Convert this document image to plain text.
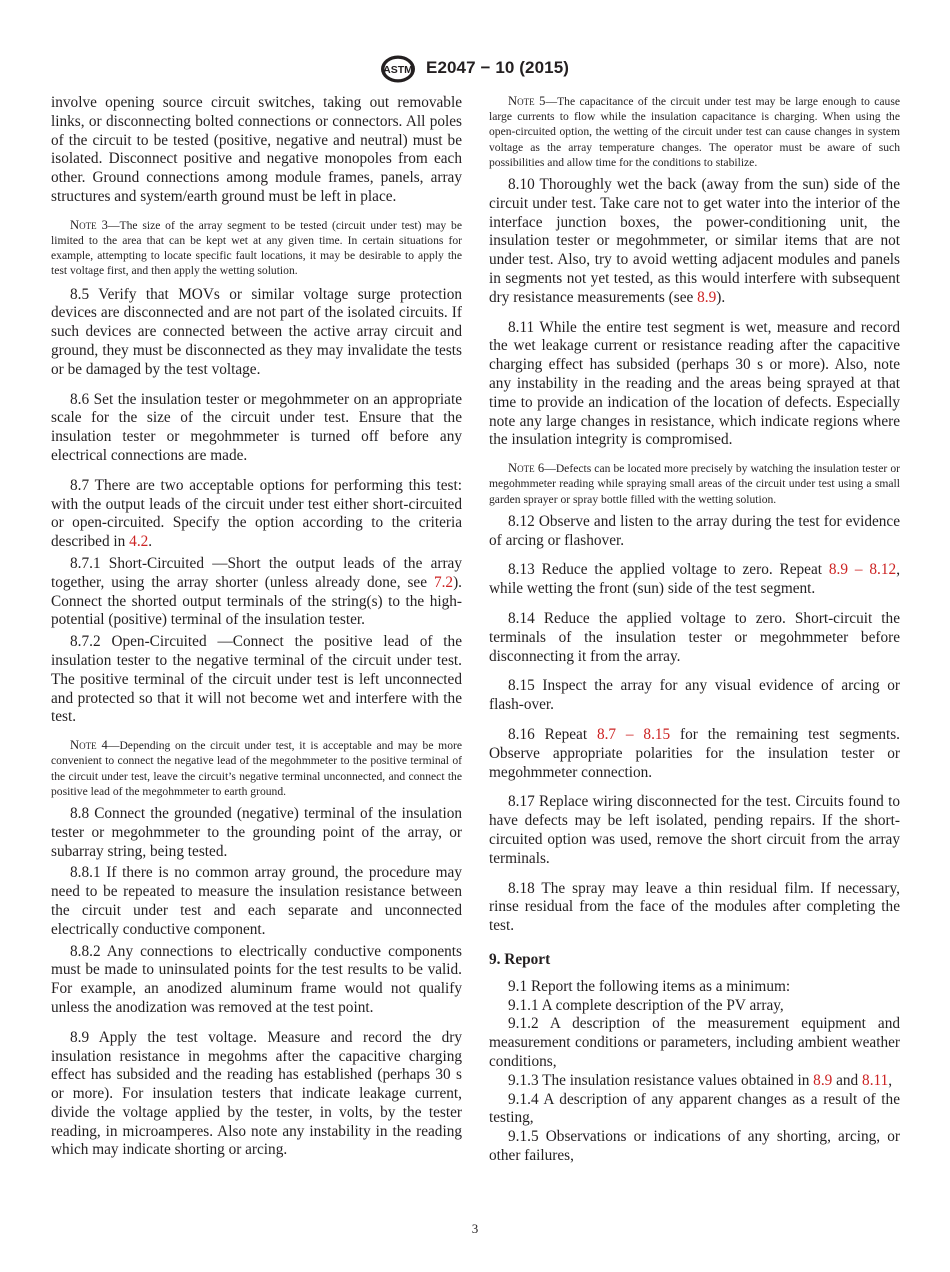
ASTM E2047 − 10 (2015)

involve opening source circuit switches, taking out removable links, or disconnecting bolted connections or connectors. All poles of the circuit to be tested (positive, negative and neutral) must be isolated. Disconnect positive and negative monopoles from each other. Ground connections among module frames, panels, array structures and system/earth ground must be left in place.

Note 3—The size of the array segment to be tested (circuit under test) may be limited to the area that can be kept wet at any given time. In certain situations for example, attempting to locate specific fault locations, it may be desirable to apply the test voltage first, and then apply the wetting solution.

8.5 Verify that MOVs or similar voltage surge protection devices are disconnected and are not part of the isolated circuits. If such devices are connected between the active array circuit and ground, they must be disconnected as they may invalidate the tests or be damaged by the test voltage.

8.6 Set the insulation tester or megohmmeter on an appropriate scale for the size of the circuit under test. Ensure that the insulation tester or megohmmeter is turned off before any electrical connections are made.

8.7 There are two acceptable options for performing this test: with the output leads of the circuit under test either short-circuited or open-circuited. Specify the option according to the criteria described in 4.2.

8.7.1 Short-Circuited —Short the output leads of the array together, using the array shorter (unless already done, see 7.2). Connect the shorted output terminals of the string(s) to the high-potential (positive) terminal of the insulation tester.

8.7.2 Open-Circuited —Connect the positive lead of the insulation tester to the negative terminal of the circuit under test. The positive terminal of the circuit under test is left unconnected and protected so that it will not become wet and interfere with the test.

Note 4—Depending on the circuit under test, it is acceptable and may be more convenient to connect the negative lead of the megohmmeter to the positive terminal of the circuit under test, leave the circuit’s negative terminal unconnected, and connect the positive lead of the megohmmeter to earth ground.

8.8 Connect the grounded (negative) terminal of the insulation tester or megohmmeter to the grounding point of the array, or subarray string, being tested.

8.8.1 If there is no common array ground, the procedure may need to be repeated to measure the insulation resistance between the circuit under test and each separate and unconnected electrically conductive component.

8.8.2 Any connections to electrically conductive components must be made to uninsulated points for the test results to be valid. For example, an anodized aluminum frame would not qualify unless the anodization was removed at the test point.

8.9 Apply the test voltage. Measure and record the dry insulation resistance in megohms after the capacitive charging effect has subsided and the reading has established (perhaps 30 s or more). For insulation testers that indicate leakage current, divide the voltage applied by the tester, in volts, by the tester reading, in microamperes. Also note any instability in the reading which may indicate shorting or arcing.

Note 5—The capacitance of the circuit under test may be large enough to cause large currents to flow while the insulation capacitance is charging. When using the open-circuited option, the wetting of the circuit under test can cause changes in system voltage as the array temperature changes. The operator must be aware of such possibilities and allow time for the conditions to stabilize.

8.10 Thoroughly wet the back (away from the sun) side of the circuit under test. Take care not to get water into the interior of the interface junction boxes, the power-conditioning unit, the insulation tester or megohmmeter, or similar items that are not under test. Also, try to avoid wetting adjacent modules and panels in segments not yet tested, as this would interfere with subsequent dry resistance measurements (see 8.9).

8.11 While the entire test segment is wet, measure and record the wet leakage current or resistance reading after the capacitive charging effect has subsided (perhaps 30 s or more). Also, note any instability in the reading and the areas being sprayed at that time to provide an indication of the location of defects. Especially note any large changes in resistance, which indicate regions where the insulation integrity is compromised.

Note 6—Defects can be located more precisely by watching the insulation tester or megohmmeter reading while spraying small areas of the circuit under test using a small garden sprayer or spray bottle filled with the wetting solution.

8.12 Observe and listen to the array during the test for evidence of arcing or flashover.

8.13 Reduce the applied voltage to zero. Repeat 8.9 – 8.12, while wetting the front (sun) side of the test segment.

8.14 Reduce the applied voltage to zero. Short-circuit the terminals of the insulation tester or megohmmeter before disconnecting it from the array.

8.15 Inspect the array for any visual evidence of arcing or flash-over.

8.16 Repeat 8.7 – 8.15 for the remaining test segments. Observe appropriate polarities for the insulation tester or megohmmeter connection.

8.17 Replace wiring disconnected for the test. Circuits found to have defects may be left isolated, pending repairs. If the short-circuited option was used, remove the short circuit from the array terminals.

8.18 The spray may leave a thin residual film. If necessary, rinse residual from the face of the modules after completing the test.

9. Report

9.1 Report the following items as a minimum:

9.1.1 A complete description of the PV array,

9.1.2 A description of the measurement equipment and measurement conditions or parameters, including ambient weather conditions,

9.1.3 The insulation resistance values obtained in 8.9 and 8.11,

9.1.4 A description of any apparent changes as a result of the testing,

9.1.5 Observations or indications of any shorting, arcing, or other failures,

3
